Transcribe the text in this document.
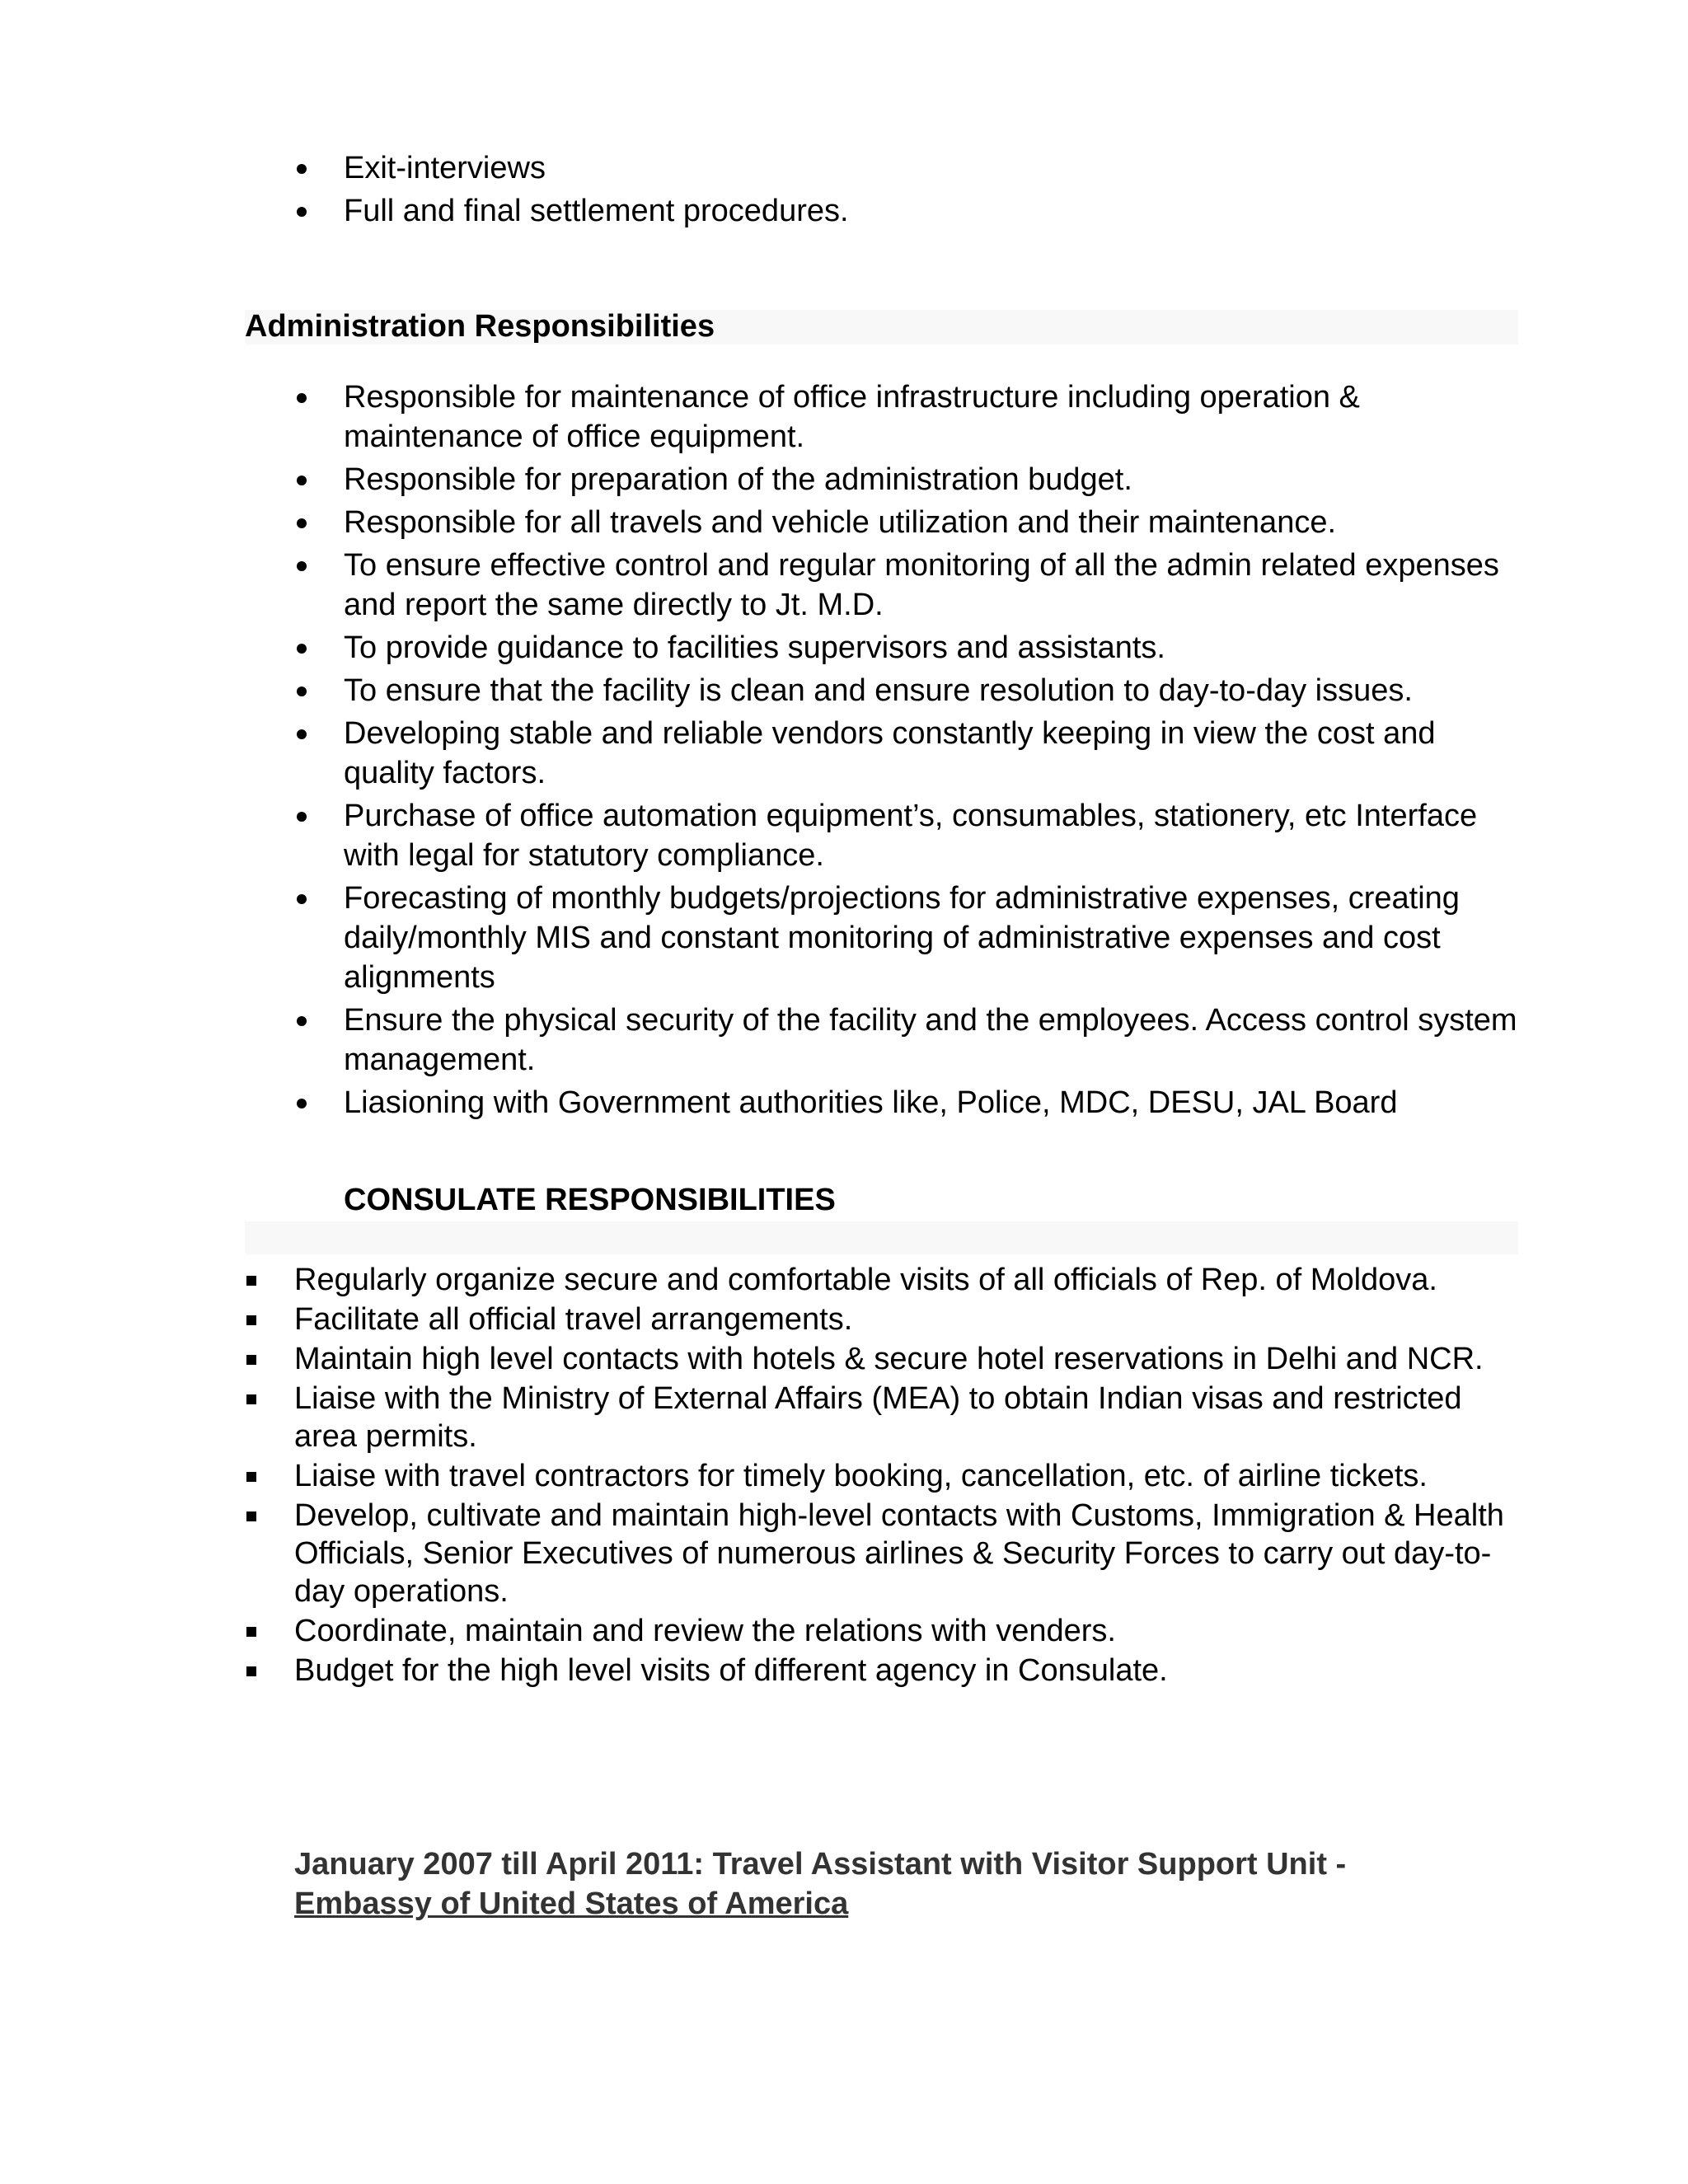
Exit-interviews
Full and final settlement procedures.
Administration Responsibilities
Responsible for maintenance of office infrastructure including operation & maintenance of office equipment.
Responsible for preparation of the administration budget.
Responsible for all travels and vehicle utilization and their maintenance.
To ensure effective control and regular monitoring of all the admin related expenses and report the same directly to Jt. M.D.
To provide guidance to facilities supervisors and assistants.
To ensure that the facility is clean and ensure resolution to day-to-day issues.
Developing stable and reliable vendors constantly keeping in view the cost and quality factors.
Purchase of office automation equipment’s, consumables, stationery, etc Interface with legal for statutory compliance.
Forecasting of monthly budgets/projections for administrative expenses, creating daily/monthly MIS and constant monitoring of administrative expenses and cost alignments
Ensure the physical security of the facility and the employees. Access control system management.
Liasioning with Government authorities like, Police, MDC, DESU, JAL Board
CONSULATE RESPONSIBILITIES
Regularly organize secure and comfortable visits of all officials of Rep. of Moldova.
Facilitate all official travel arrangements.
Maintain high level contacts with hotels & secure hotel reservations in Delhi and NCR.
Liaise with the Ministry of External Affairs (MEA) to obtain Indian visas and restricted area permits.
Liaise with travel contractors for timely booking, cancellation, etc. of airline tickets.
Develop, cultivate and maintain high-level contacts with Customs, Immigration & Health Officials, Senior Executives of numerous airlines & Security Forces to carry out day-to-day operations.
Coordinate, maintain and review the relations with venders.
Budget for the high level visits of different agency in Consulate.
January 2007 till April 2011: Travel Assistant with Visitor Support Unit -
Embassy of United States of America
